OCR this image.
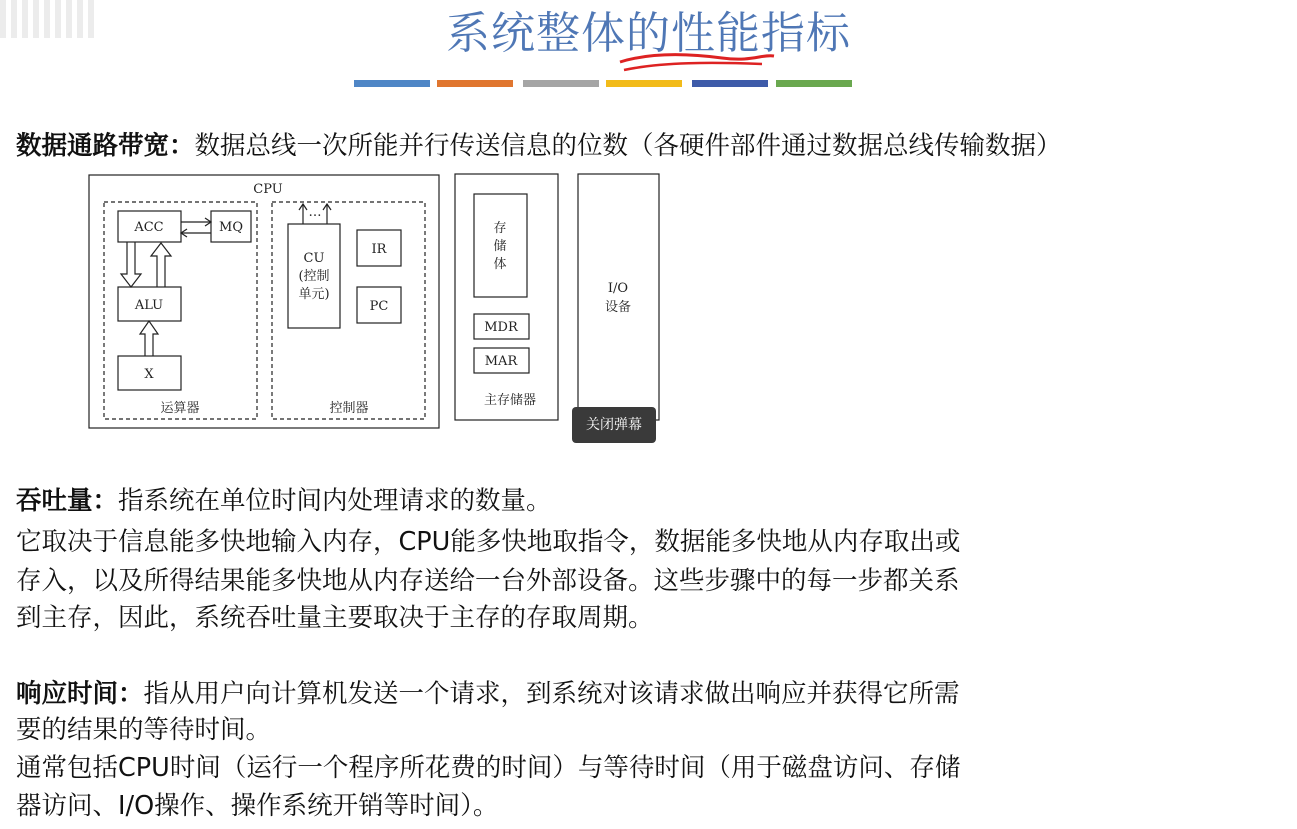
系统整体的性能指标
数据通路带宽：数据总线一次所能并行传送信息的位数（各硬件部件通过数据总线传输数据）
CPU
ACC	MQ
ALU
X
运算器
…
CU
(控制
单元)
IR
PC
控制器
存
储
体
MDR
MAR
主存储器
I/O
设备
关闭弹幕
吞吐量：指系统在单位时间内处理请求的数量。
它取决于信息能多快地输入内存，CPU能多快地取指令，数据能多快地从内存取出或
存入，以及所得结果能多快地从内存送给一台外部设备。这些步骤中的每一步都关系
到主存，因此，系统吞吐量主要取决于主存的存取周期。
响应时间：指从用户向计算机发送一个请求，到系统对该请求做出响应并获得它所需
要的结果的等待时间。
通常包括CPU时间（运行一个程序所花费的时间）与等待时间（用于磁盘访问、存储
器访问、I/O操作、操作系统开销等时间）。
